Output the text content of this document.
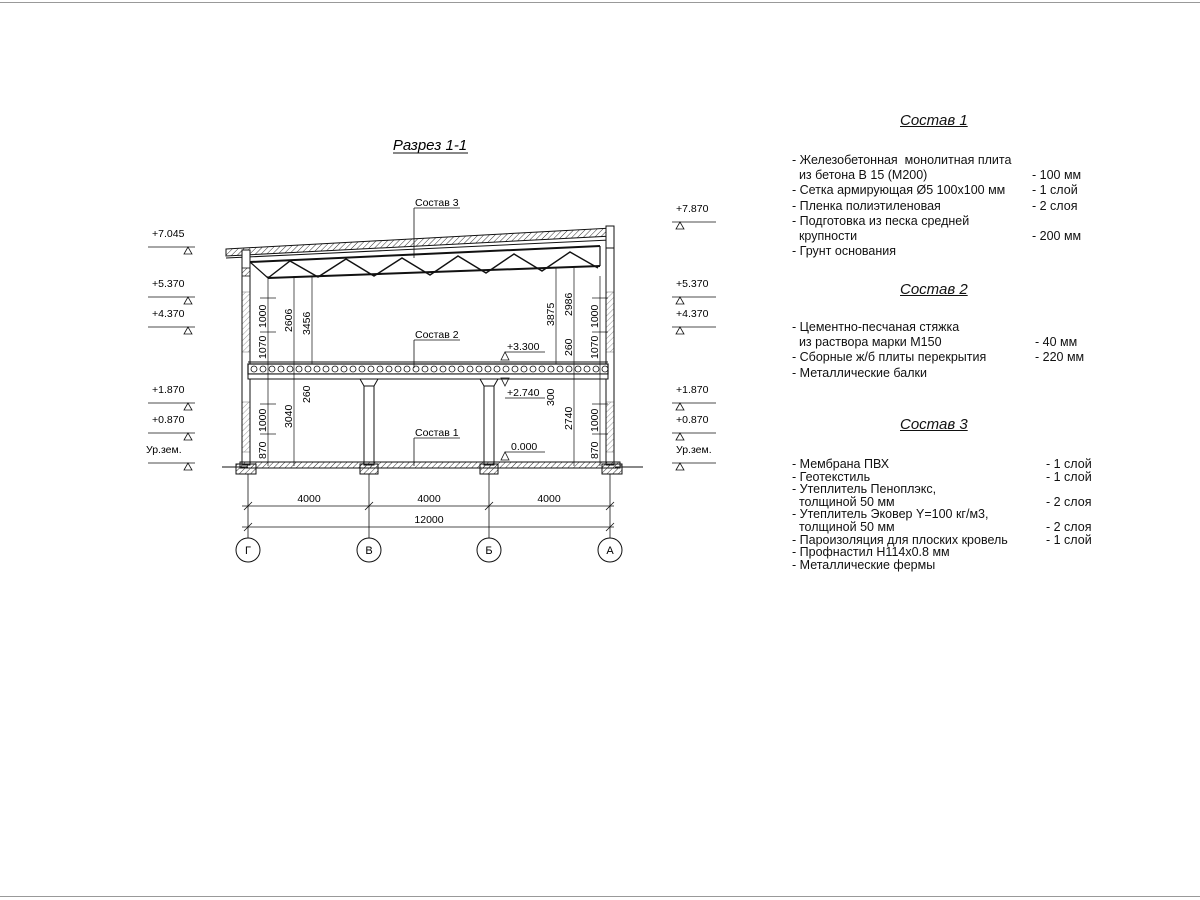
Разрез 1-1
Состав 3
Состав 2
Состав 1
+3.300
+2.740
0.000
+7.045
+5.370
+4.370
+1.870
+0.870
Ур.зем.
+7.870
+5.370
+4.370
+1.870
+0.870
Ур.зем.
1070
1000 2606 3456
260
870
1000 3040
3875 2986
1070
1000
260
300
870
1000
2740
4000	4000	4000
12000
Г	В	Б	А
Состав 1
- Железобетонная  монолитная плита
из бетона В 15 (М200)	- 100 мм
- Сетка армирующая Ø5 100х100 мм - 1 слой
- Пленка полиэтиленовая	- 2 слоя
- Подготовка из песка средней
крупности	- 200 мм
- Грунт основания
Состав 2
- Цементно-песчаная стяжка
из раствора марки М150	- 40 мм
- Сборные ж/б плиты перекрытия	- 220 мм
- Металлические балки
Состав 3
- Мембрана ПВХ	- 1 слой
- Геотекстиль	- 1 слой
- Утеплитель Пеноплэкс,
толщиной 50 мм	- 2 слоя
- Утеплитель Эковер Y=100 кг/м3,
толщиной 50 мм	- 2 слоя
- Пароизоляция для плоских кровель	- 1 слой
- Профнастил Н114х0.8 мм
- Металлические фермы
